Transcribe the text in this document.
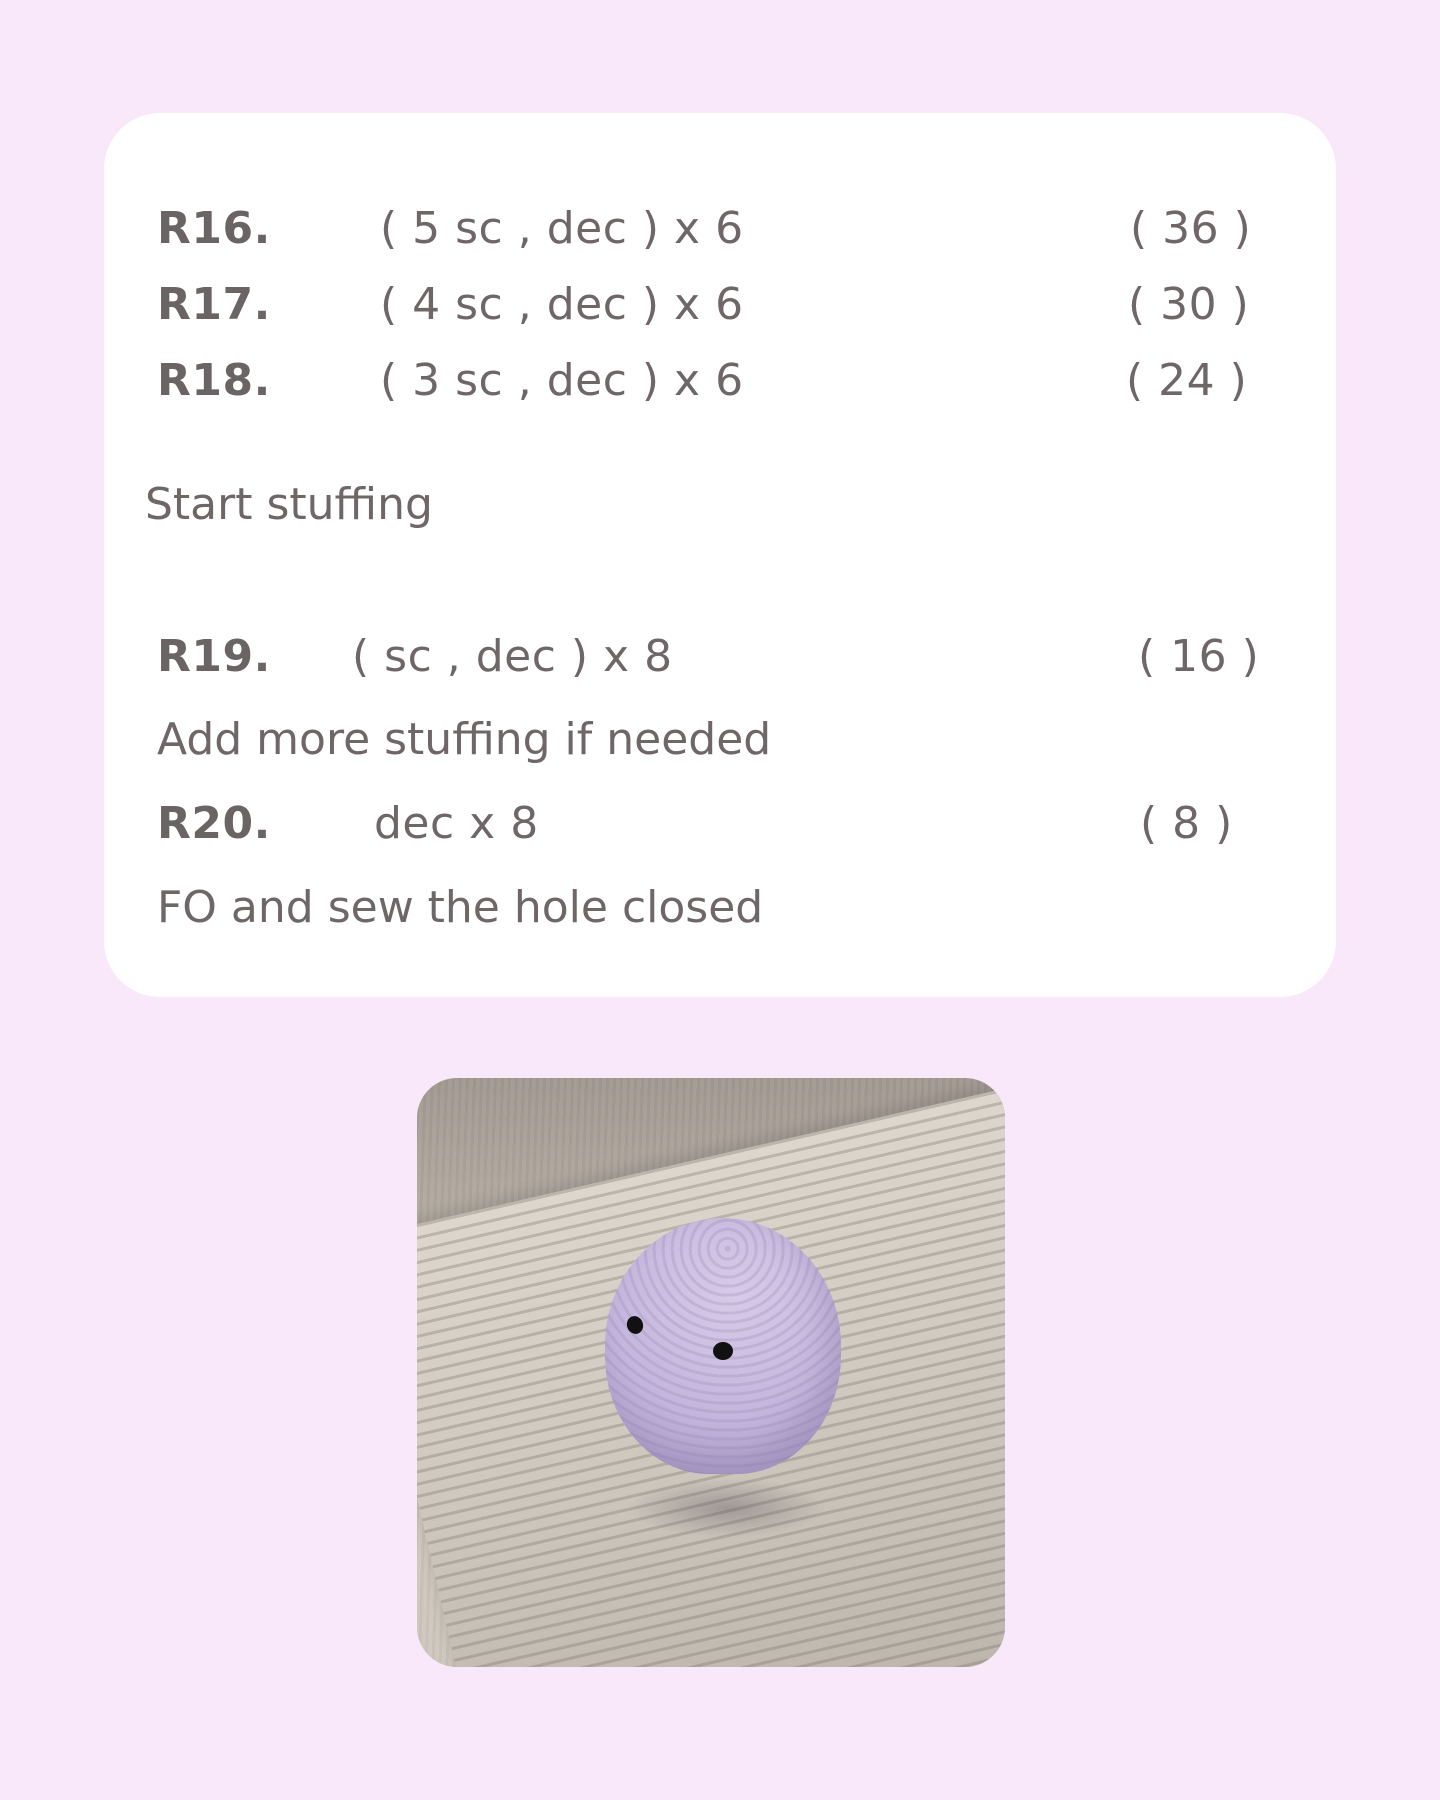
R16. ( 5 sc , dec ) x 6	( 36 )
R17. ( 4 sc , dec ) x 6	( 30 )
R18. ( 3 sc , dec ) x 6	( 24 )
Start stuffing
R19. ( sc , dec ) x 8	( 16 )
Add more stuffing if needed
R20. dec x 8	( 8 )
FO and sew the hole closed
